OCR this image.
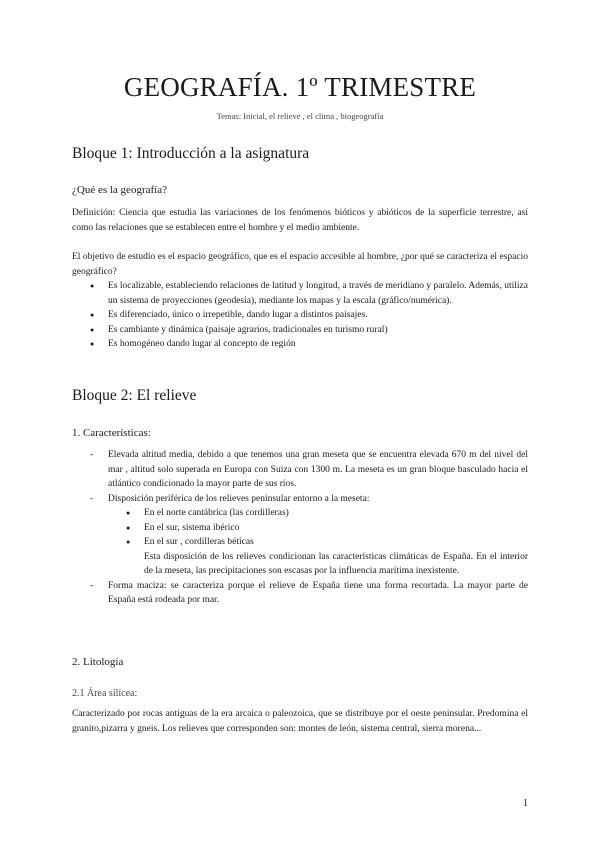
GEOGRAFÍA. 1º TRIMESTRE
Temas: Inicial, el relieve , el clima , biogeografía
Bloque 1: Introducción a la asignatura
¿Qué es la geografía?

Definición: Ciencia que estudia las variaciones de los fenómenos bióticos y abióticos de la superficie terrestre, así como las relaciones que se establecen entre el hombre y el medio ambiente.

El objetivo de estudio es el espacio geográfico, que es el espacio accesible al hombre, ¿por qué se caracteriza el espacio geográfico?

● Es localizable, estableciendo relaciones de latitud y longitud, a través de meridiano y paralelo. Además, utiliza un sistema de proyecciones (geodesia), mediante los mapas y la escala (gráfico/numérica).
● Es diferenciado, único o irrepetible, dando lugar a distintos paisajes.
● Es cambiante y dinámica (paisaje agrarios, tradicionales en turismo rural)
● Es homogéneo dando lugar al concepto de región
Bloque 2: El relieve
1. Características:
- Elevada altitud media, debido a que tenemos una gran meseta que se encuentra elevada 670 m del nivel del mar , altitud solo superada en Europa con Suiza con 1300 m. La meseta es un gran bloque basculado hacia el atlántico condicionado la mayor parte de sus ríos.
- Disposición periférica de los relieves peninsular entorno a la meseta:
● En el norte cantábrica (las cordilleras)
● En el sur, sistema ibérico
● En el sur , cordilleras béticas
Esta disposición de los relieves condicionan las características climáticas de España. En el interior de la meseta, las precipitaciones son escasas por la influencia marítima inexistente.
- Forma maciza: se caracteriza porque el relieve de España tiene una forma recortada. La mayor parte de España está rodeada por mar.
2. Litología
2.1 Área silícea:

Caracterizado por rocas antiguas de la era arcaica o paleozoica, que se distribuye por el oeste peninsular. Predomina el granito,pizarra y gneis. Los relieves que corresponden son: montes de león, sistema central, sierra morena...

1
